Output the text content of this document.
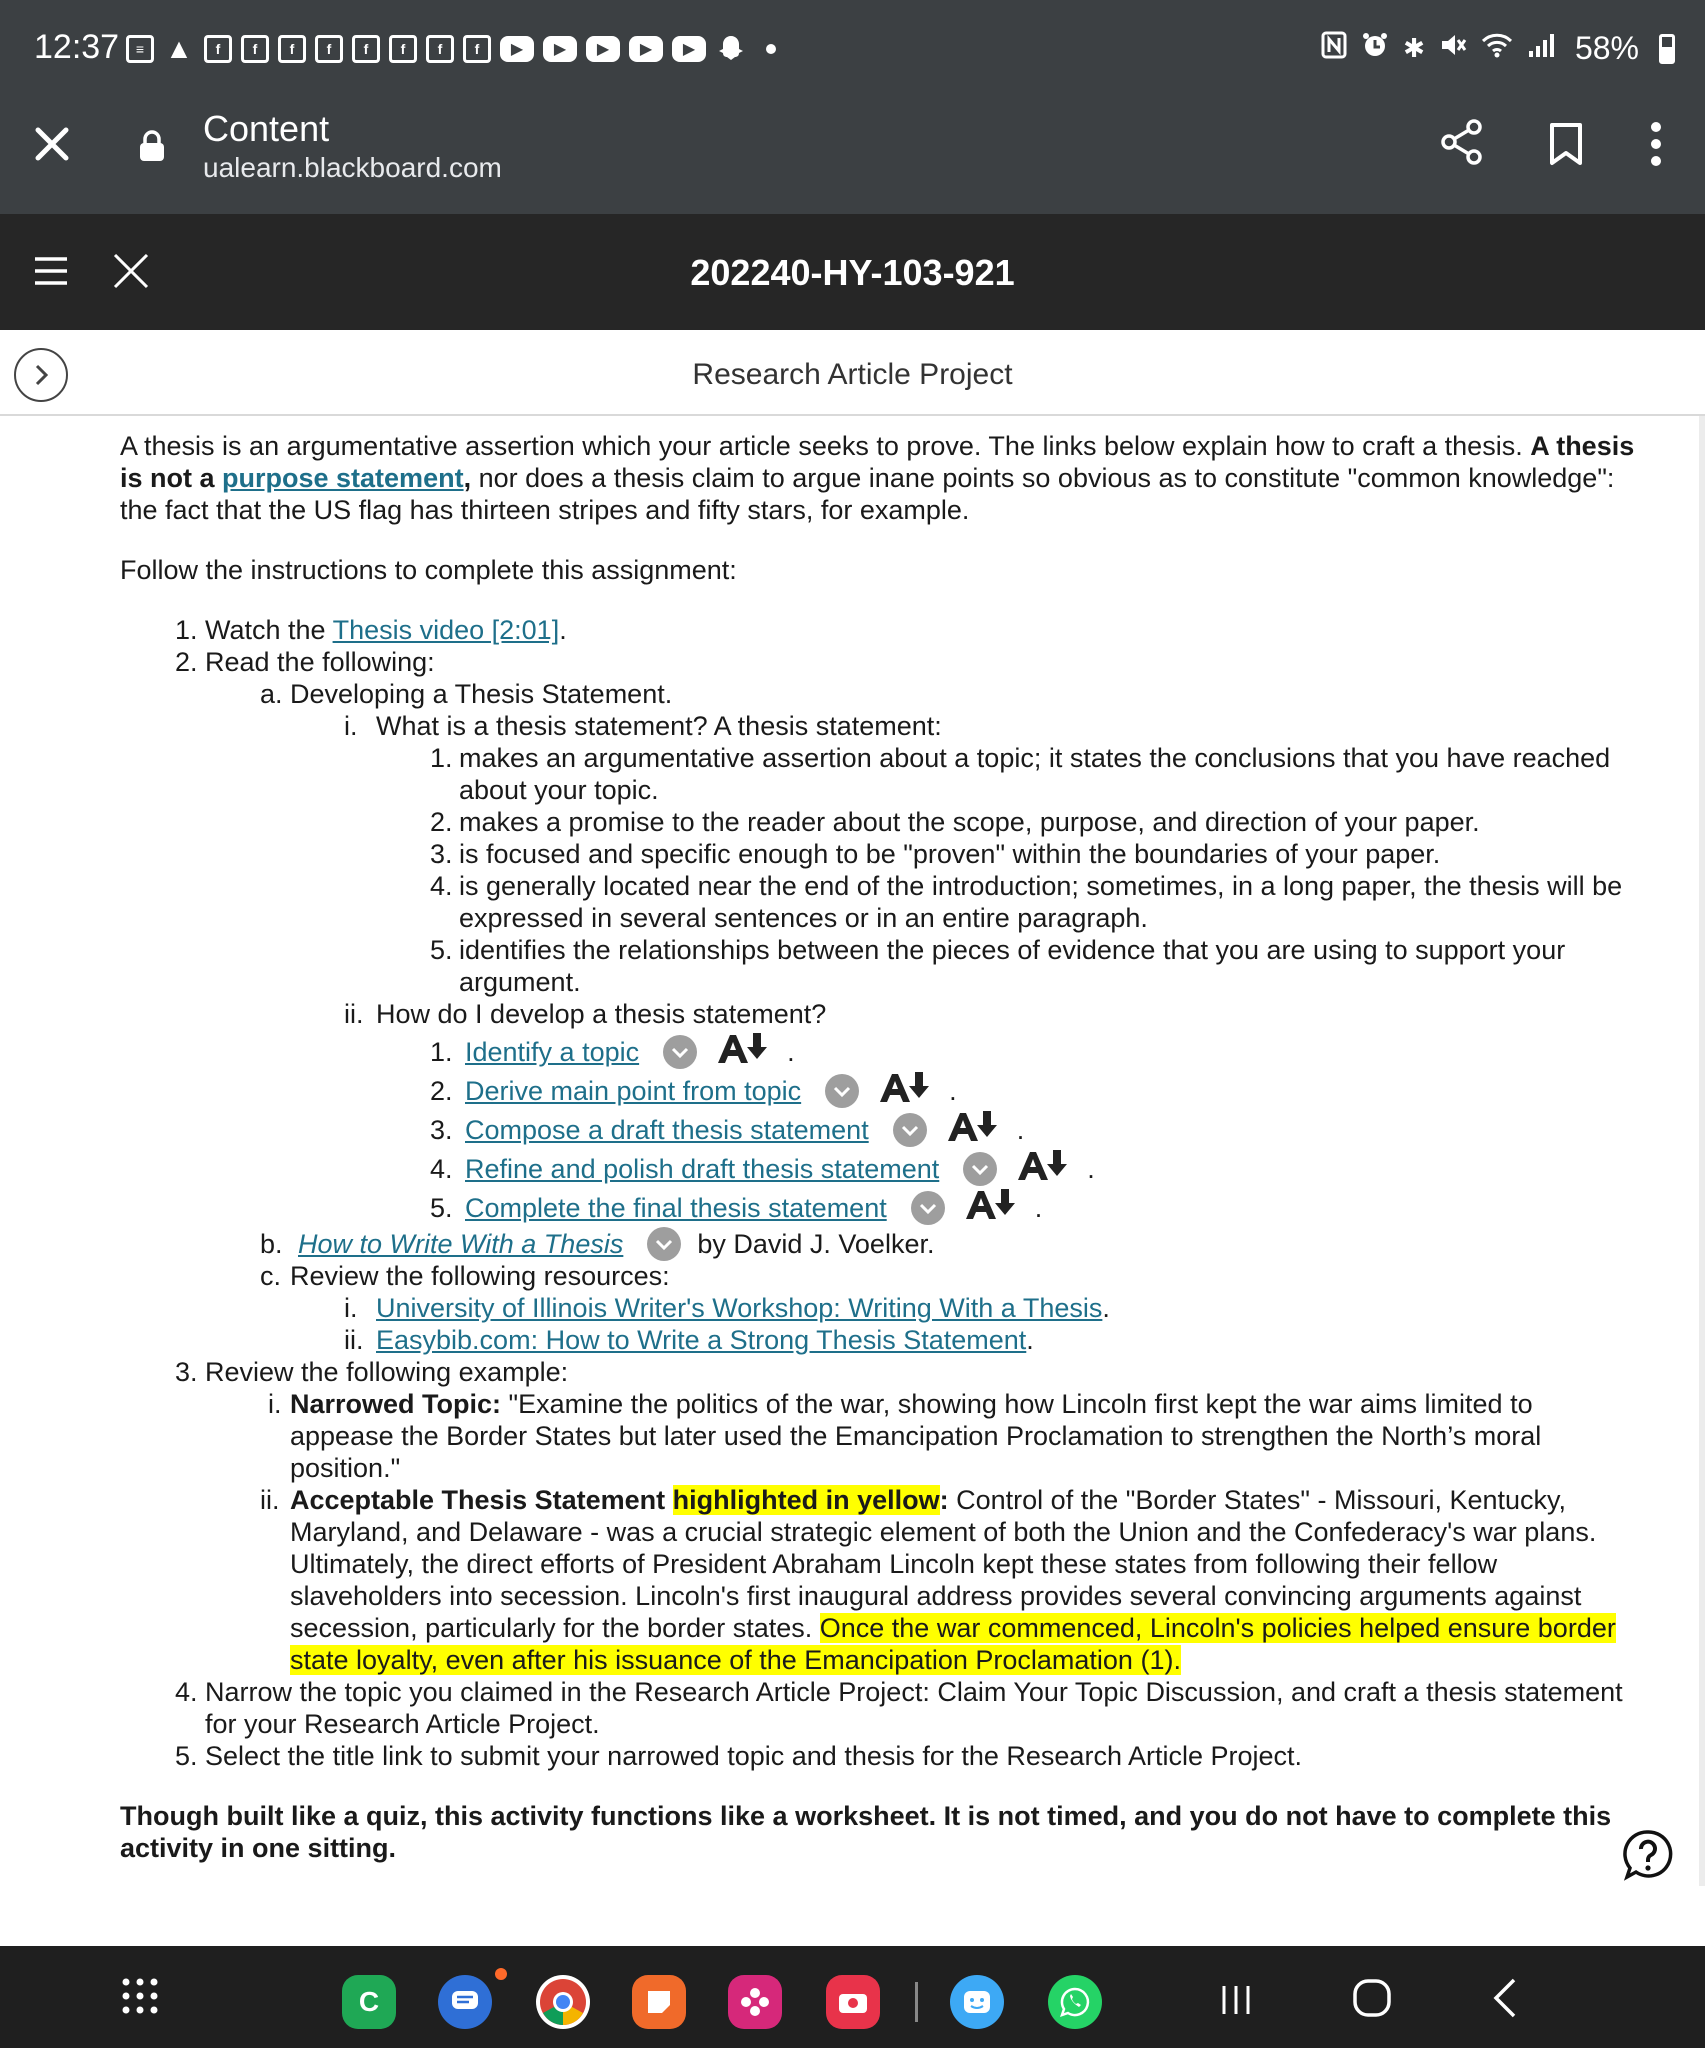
12:37	≡ ▲	f	f	f	f	f	f	f	f	▶	▶	▶	▶	▶	✱	58%
Content
ualearn.blackboard.com
202240-HY-103-921
Research Article Project

A thesis is an argumentative assertion which your article seeks to prove. The links below explain how to craft a thesis. A thesis is not a purpose statement, nor does a thesis claim to argue inane points so obvious as to constitute "common knowledge": the fact that the US flag has thirteen stripes and fifty stars, for example.

Follow the instructions to complete this assignment:

1. Watch the Thesis video [2:01].
2. Read the following:
a. Developing a Thesis Statement.
i. What is a thesis statement? A thesis statement:
1. makes an argumentative assertion about a topic; it states the conclusions that you have reached about your topic.
2. makes a promise to the reader about the scope, purpose, and direction of your paper.
3. is focused and specific enough to be "proven" within the boundaries of your paper.
4. is generally located near the end of the introduction; sometimes, in a long paper, the thesis will be expressed in several sentences or in an entire paragraph.
5. identifies the relationships between the pieces of evidence that you are using to support your argument.
ii. How do I develop a thesis statement?
1. Identify a topic	.
2. Derive main point from topic	.
3. Compose a draft thesis statement	.
4. Refine and polish draft thesis statement	.
5. Complete the final thesis statement	.
b. How to Write With a Thesis	by David J. Voelker.
c. Review the following resources:
i. University of Illinois Writer's Workshop: Writing With a Thesis.
ii. Easybib.com: How to Write a Strong Thesis Statement.
3. Review the following example:
i. Narrowed Topic: "Examine the politics of the war, showing how Lincoln first kept the war aims limited to appease the Border States but later used the Emancipation Proclamation to strengthen the North’s moral position."
ii. Acceptable Thesis Statement highlighted in yellow: Control of the "Border States" - Missouri, Kentucky, Maryland, and Delaware - was a crucial strategic element of both the Union and the Confederacy's war plans. Ultimately, the direct efforts of President Abraham Lincoln kept these states from following their fellow slaveholders into secession. Lincoln's first inaugural address provides several convincing arguments against secession, particularly for the border states. Once the war commenced, Lincoln's policies helped ensure border state loyalty, even after his issuance of the Emancipation Proclamation (1).
4. Narrow the topic you claimed in the Research Article Project: Claim Your Topic Discussion, and craft a thesis statement for your Research Article Project.
5. Select the title link to submit your narrowed topic and thesis for the Research Article Project.

Though built like a quiz, this activity functions like a worksheet. It is not timed, and you do not have to complete this activity in one sitting.

C
